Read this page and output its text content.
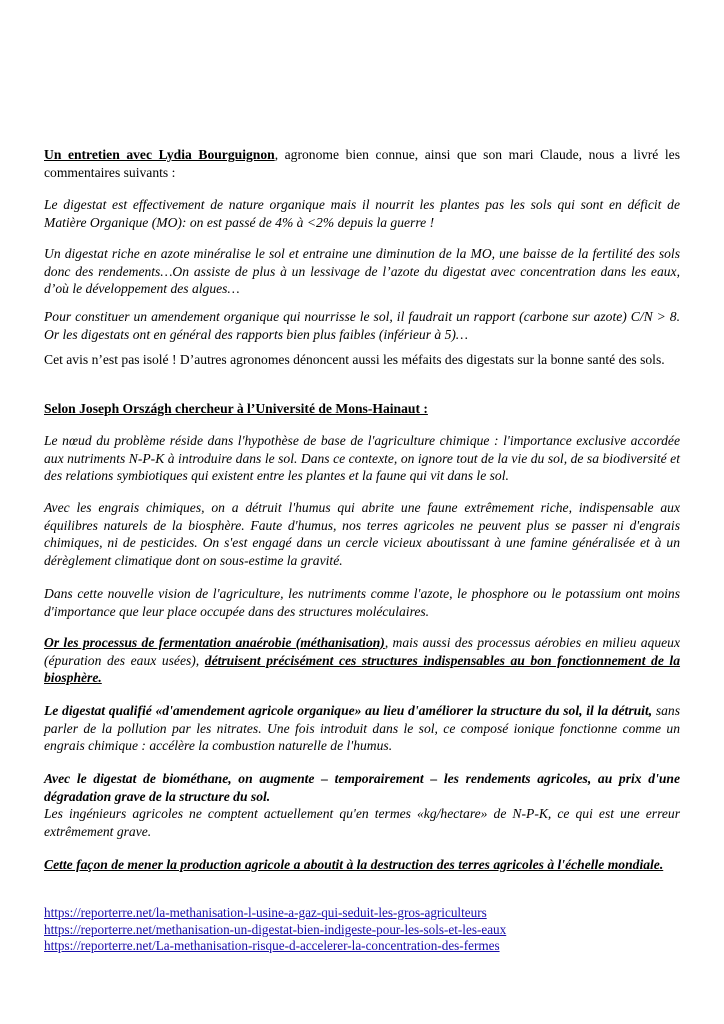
Un entretien avec Lydia Bourguignon, agronome bien connue, ainsi que son mari Claude, nous a livré les commentaires suivants :

Le digestat est effectivement de nature organique mais il nourrit les plantes pas les sols qui sont en déficit de Matière Organique (MO): on est passé de 4% à <2% depuis la guerre !

Un digestat riche en azote minéralise le sol et entraine une diminution de la MO, une baisse de la fertilité des sols donc des rendements…On assiste de plus à un lessivage de l’azote du digestat avec concentration dans les eaux, d’où le développement des algues…

Pour constituer un amendement organique qui nourrisse le sol, il faudrait un rapport (carbone sur azote) C/N > 8. Or les digestats ont en général des rapports bien plus faibles (inférieur à 5)…

Cet avis n’est pas isolé ! D’autres agronomes dénoncent aussi les méfaits des digestats sur la bonne santé des sols.

Selon Joseph Országh chercheur à l’Université de Mons-Hainaut :

Le nœud du problème réside dans l'hypothèse de base de l'agriculture chimique : l'importance exclusive accordée aux nutriments N-P-K à introduire dans le sol. Dans ce contexte, on ignore tout de la vie du sol, de sa biodiversité et des relations symbiotiques qui existent entre les plantes et la faune qui vit dans le sol.

Avec les engrais chimiques, on a détruit l'humus qui abrite une faune extrêmement riche, indispensable aux équilibres naturels de la biosphère. Faute d'humus, nos terres agricoles ne peuvent plus se passer ni d'engrais chimiques, ni de pesticides. On s'est engagé dans un cercle vicieux aboutissant à une famine généralisée et à un dérèglement climatique dont on sous-estime la gravité.

Dans cette nouvelle vision de l'agriculture, les nutriments comme l'azote, le phosphore ou le potassium ont moins d'importance que leur place occupée dans des structures moléculaires.

Or les processus de fermentation anaérobie (méthanisation), mais aussi des processus aérobies en milieu aqueux (épuration des eaux usées), détruisent précisément ces structures indispensables au bon fonctionnement de la biosphère.

Le digestat qualifié «d'amendement agricole organique» au lieu d'améliorer la structure du sol, il la détruit, sans parler de la pollution par les nitrates. Une fois introduit dans le sol, ce composé ionique fonctionne comme un engrais chimique : accélère la combustion naturelle de l'humus.

Avec le digestat de biométhane, on augmente – temporairement – les rendements agricoles, au prix d'une dégradation grave de la structure du sol.
Les ingénieurs agricoles ne comptent actuellement qu'en termes «kg/hectare» de N-P-K, ce qui est une erreur extrêmement grave.

Cette façon de mener la production agricole a aboutit à la destruction des terres agricoles à l'échelle mondiale.

https://reporterre.net/la-methanisation-l-usine-a-gaz-qui-seduit-les-gros-agriculteurs
https://reporterre.net/methanisation-un-digestat-bien-indigeste-pour-les-sols-et-les-eaux
https://reporterre.net/La-methanisation-risque-d-accelerer-la-concentration-des-fermes
